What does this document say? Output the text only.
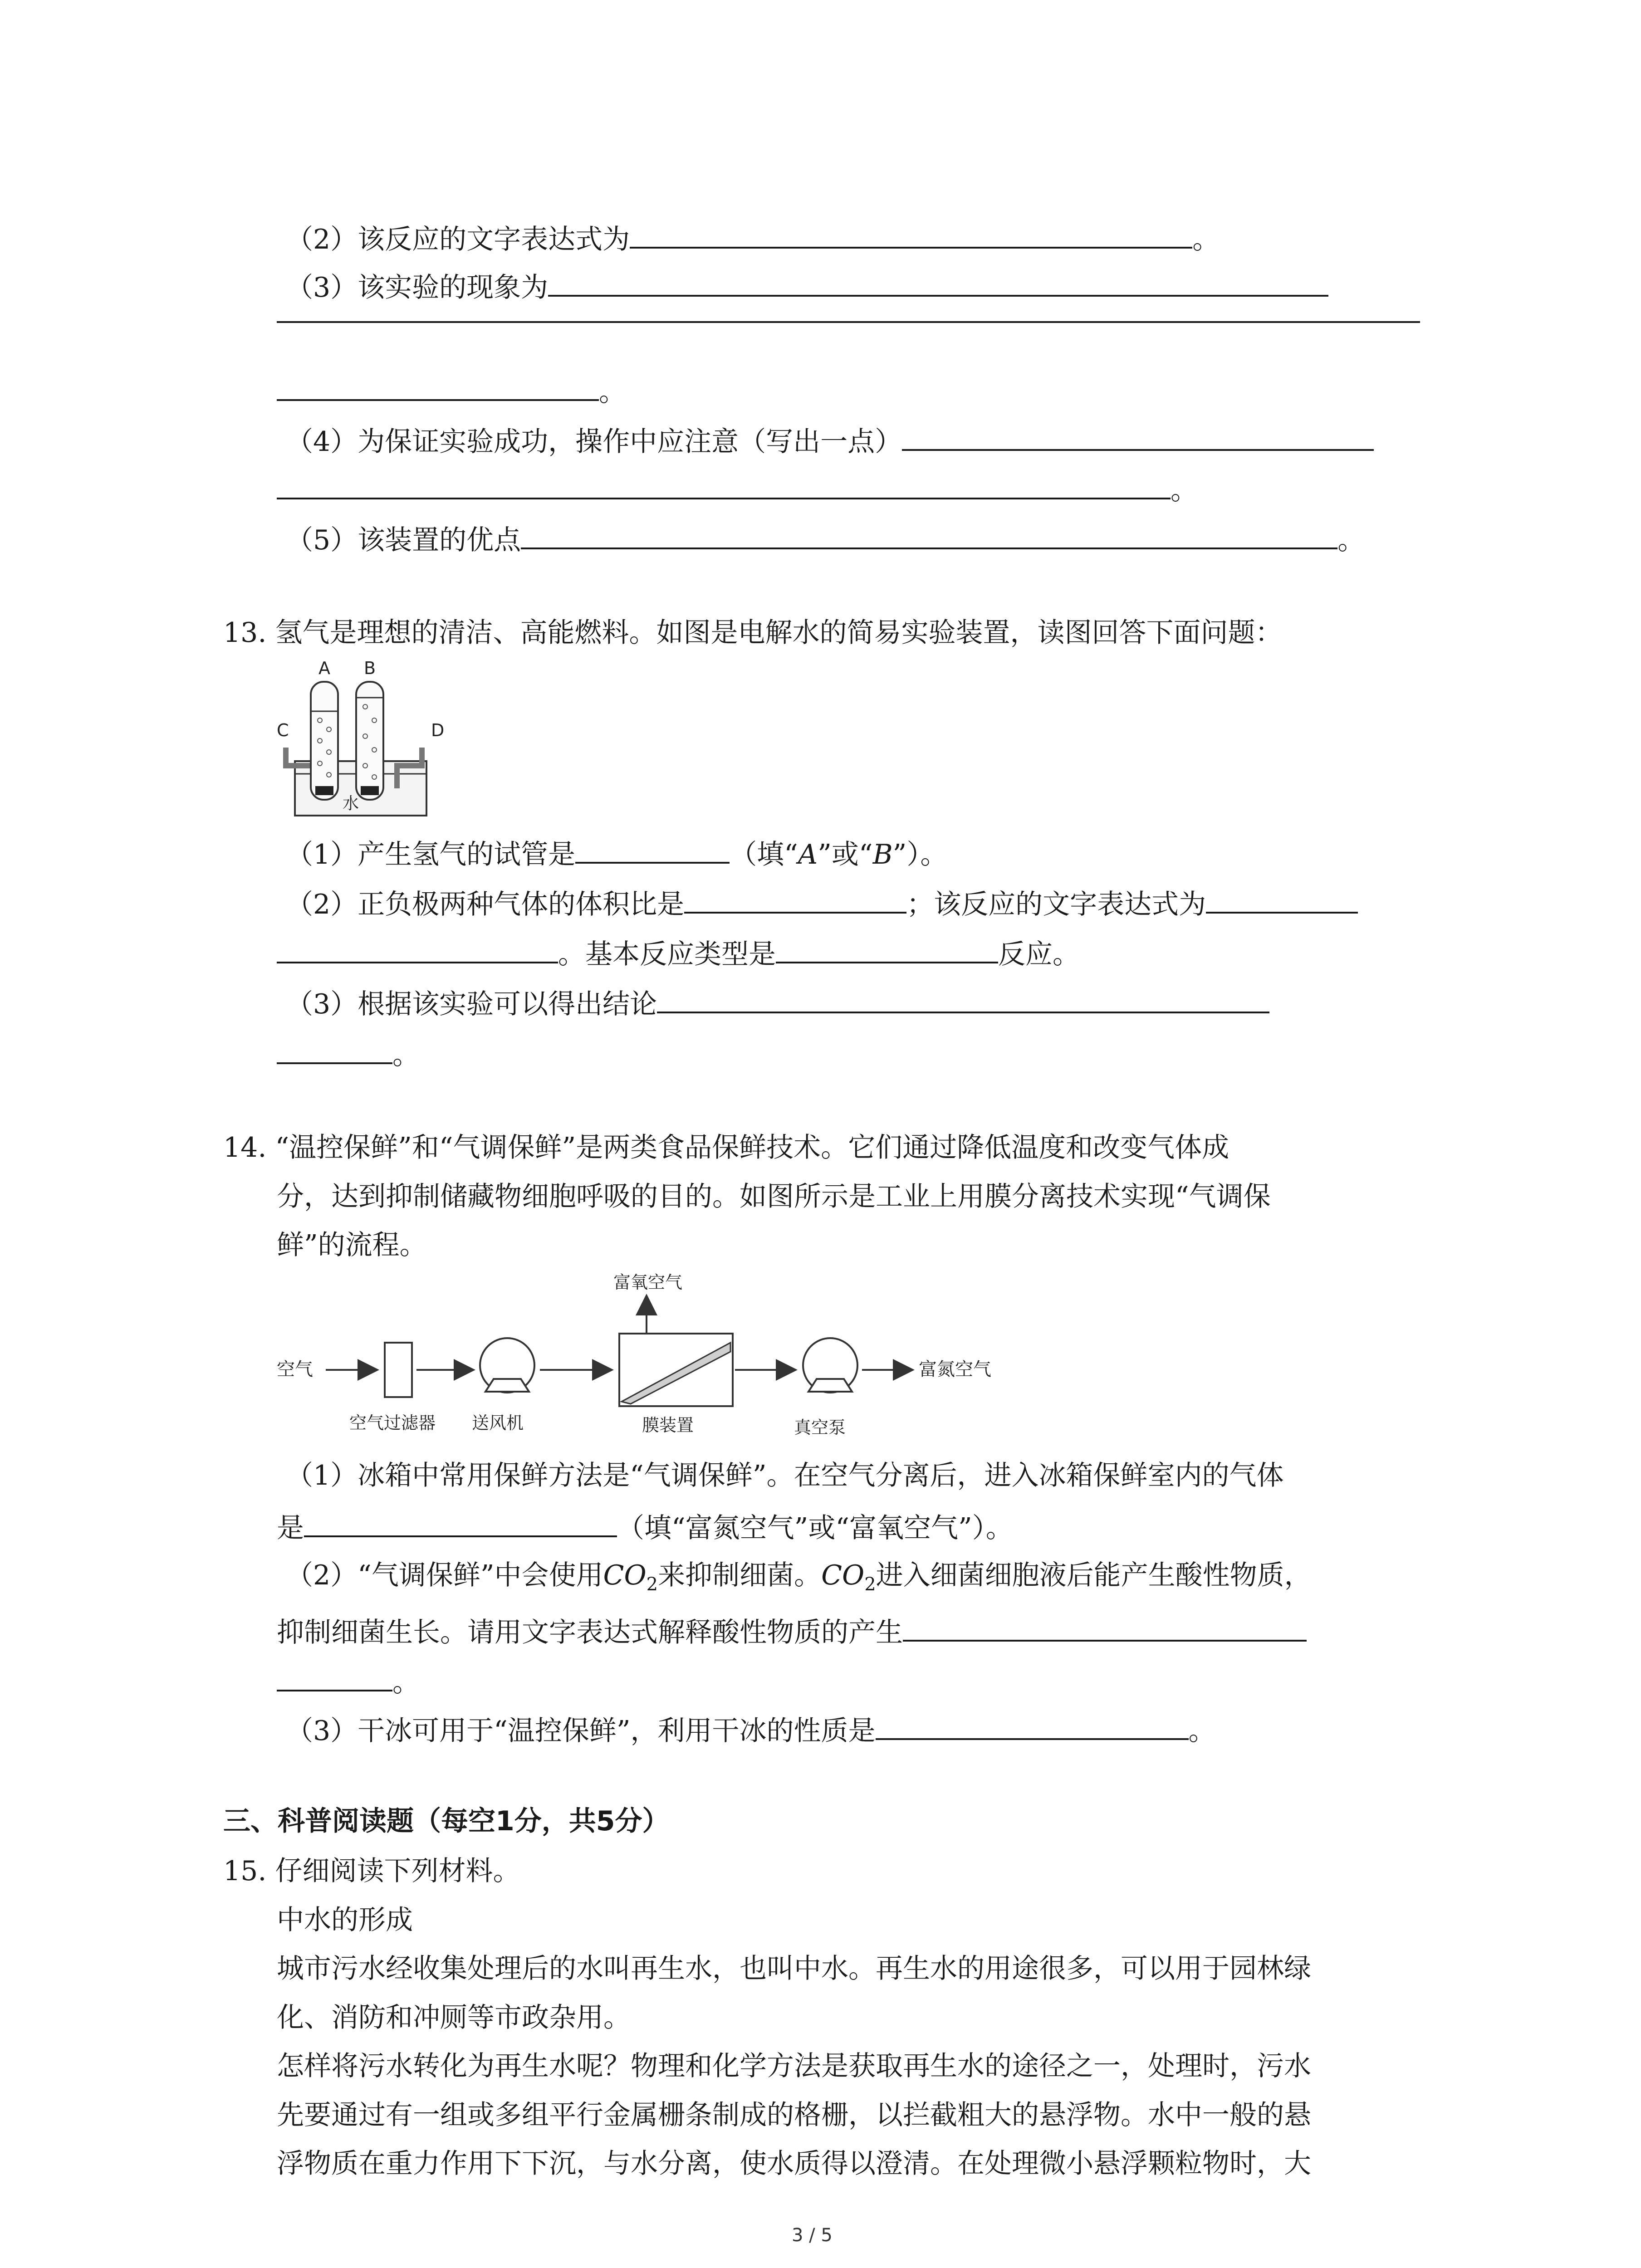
（2）该反应的文字表达式为	。
（3）该实验的现象为
。
（4）为保证实验成功，操作中应注意（写出一点）
。
（5）该装置的优点	。
13. 氢气是理想的清洁、高能燃料。如图是电解水的简易实验装置，读图回答下面问题：
A B
C	D
水
（1）产生氢气的试管是	（填“A”或“B”）。
（2）正负极两种气体的体积比是	；该反应的文字表达式为
。基本反应类型是	反应。
（3）根据该实验可以得出结论
。
14. “温控保鲜”和“气调保鲜”是两类食品保鲜技术。它们通过降低温度和改变气体成
分，达到抑制储藏物细胞呼吸的目的。如图所示是工业上用膜分离技术实现“气调保
鲜”的流程。
空气
空气过滤器 送风机	膜装置
富氧空气
真空泵
富氮空气
（1）冰箱中常用保鲜方法是“气调保鲜”。在空气分离后，进入冰箱保鲜室内的气体
是	（填“富氮空气”或“富氧空气”）。
（2）“气调保鲜”中会使用$CO_2$来抑制细菌。$CO_2$进入细菌细胞液后能产生酸性物质，
抑制细菌生长。请用文字表达式解释酸性物质的产生
。
（3）干冰可用于“温控保鲜”，利用干冰的性质是	。
三、科普阅读题（每空1分，共5分）
15. 仔细阅读下列材料。
中水的形成
城市污水经收集处理后的水叫再生水，也叫中水。再生水的用途很多，可以用于园林绿
化、消防和冲厕等市政杂用。
怎样将污水转化为再生水呢？物理和化学方法是获取再生水的途径之一，处理时，污水
先要通过有一组或多组平行金属栅条制成的格栅，以拦截粗大的悬浮物。水中一般的悬
浮物质在重力作用下下沉，与水分离，使水质得以澄清。在处理微小悬浮颗粒物时，大
3 / 5
